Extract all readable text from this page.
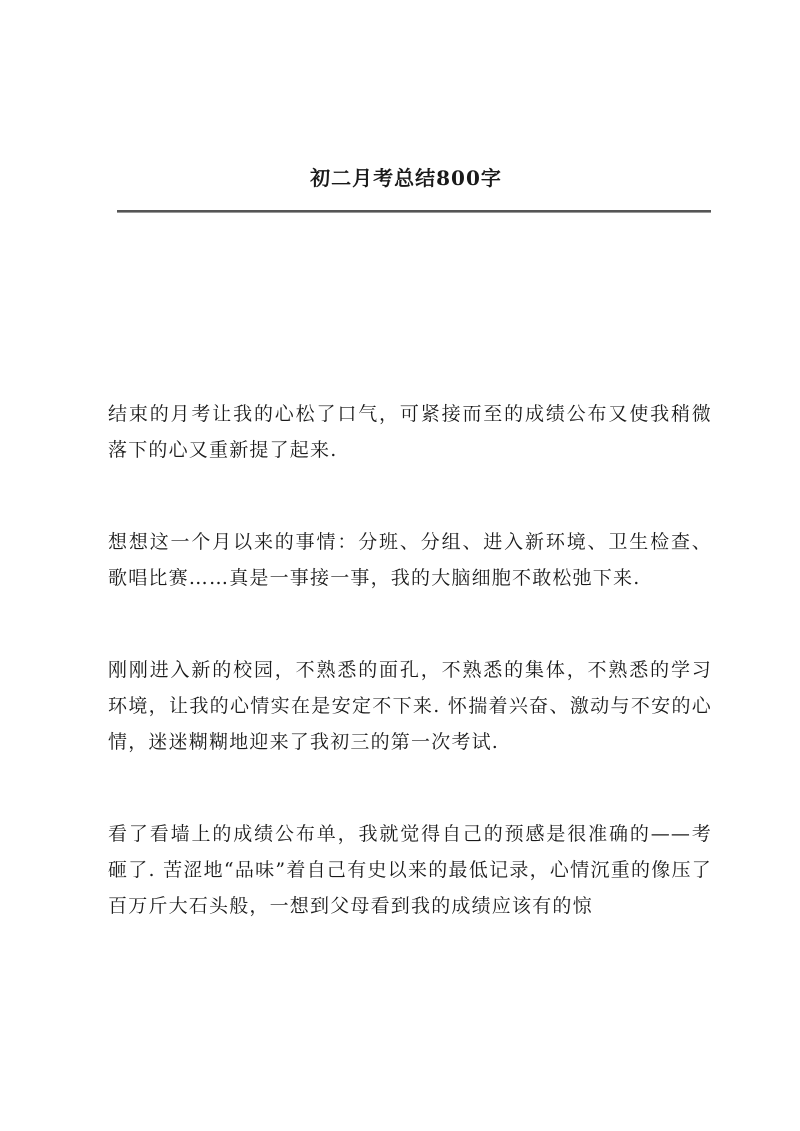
初二月考总结800字

结束的月考让我的心松了口气，可紧接而至的成绩公布又使我稍微落下的心又重新提了起来.

想想这一个月以来的事情：分班、分组、进入新环境、卫生检查、歌唱比赛……真是一事接一事，我的大脑细胞不敢松弛下来.

刚刚进入新的校园，不熟悉的面孔，不熟悉的集体，不熟悉的学习环境，让我的心情实在是安定不下来. 怀揣着兴奋、激动与不安的心情，迷迷糊糊地迎来了我初三的第一次考试.

看了看墙上的成绩公布单，我就觉得自己的预感是很准确的——考砸了. 苦涩地“品味”着自己有史以来的最低记录，心情沉重的像压了百万斤大石头般，一想到父母看到我的成绩应该有的惊
